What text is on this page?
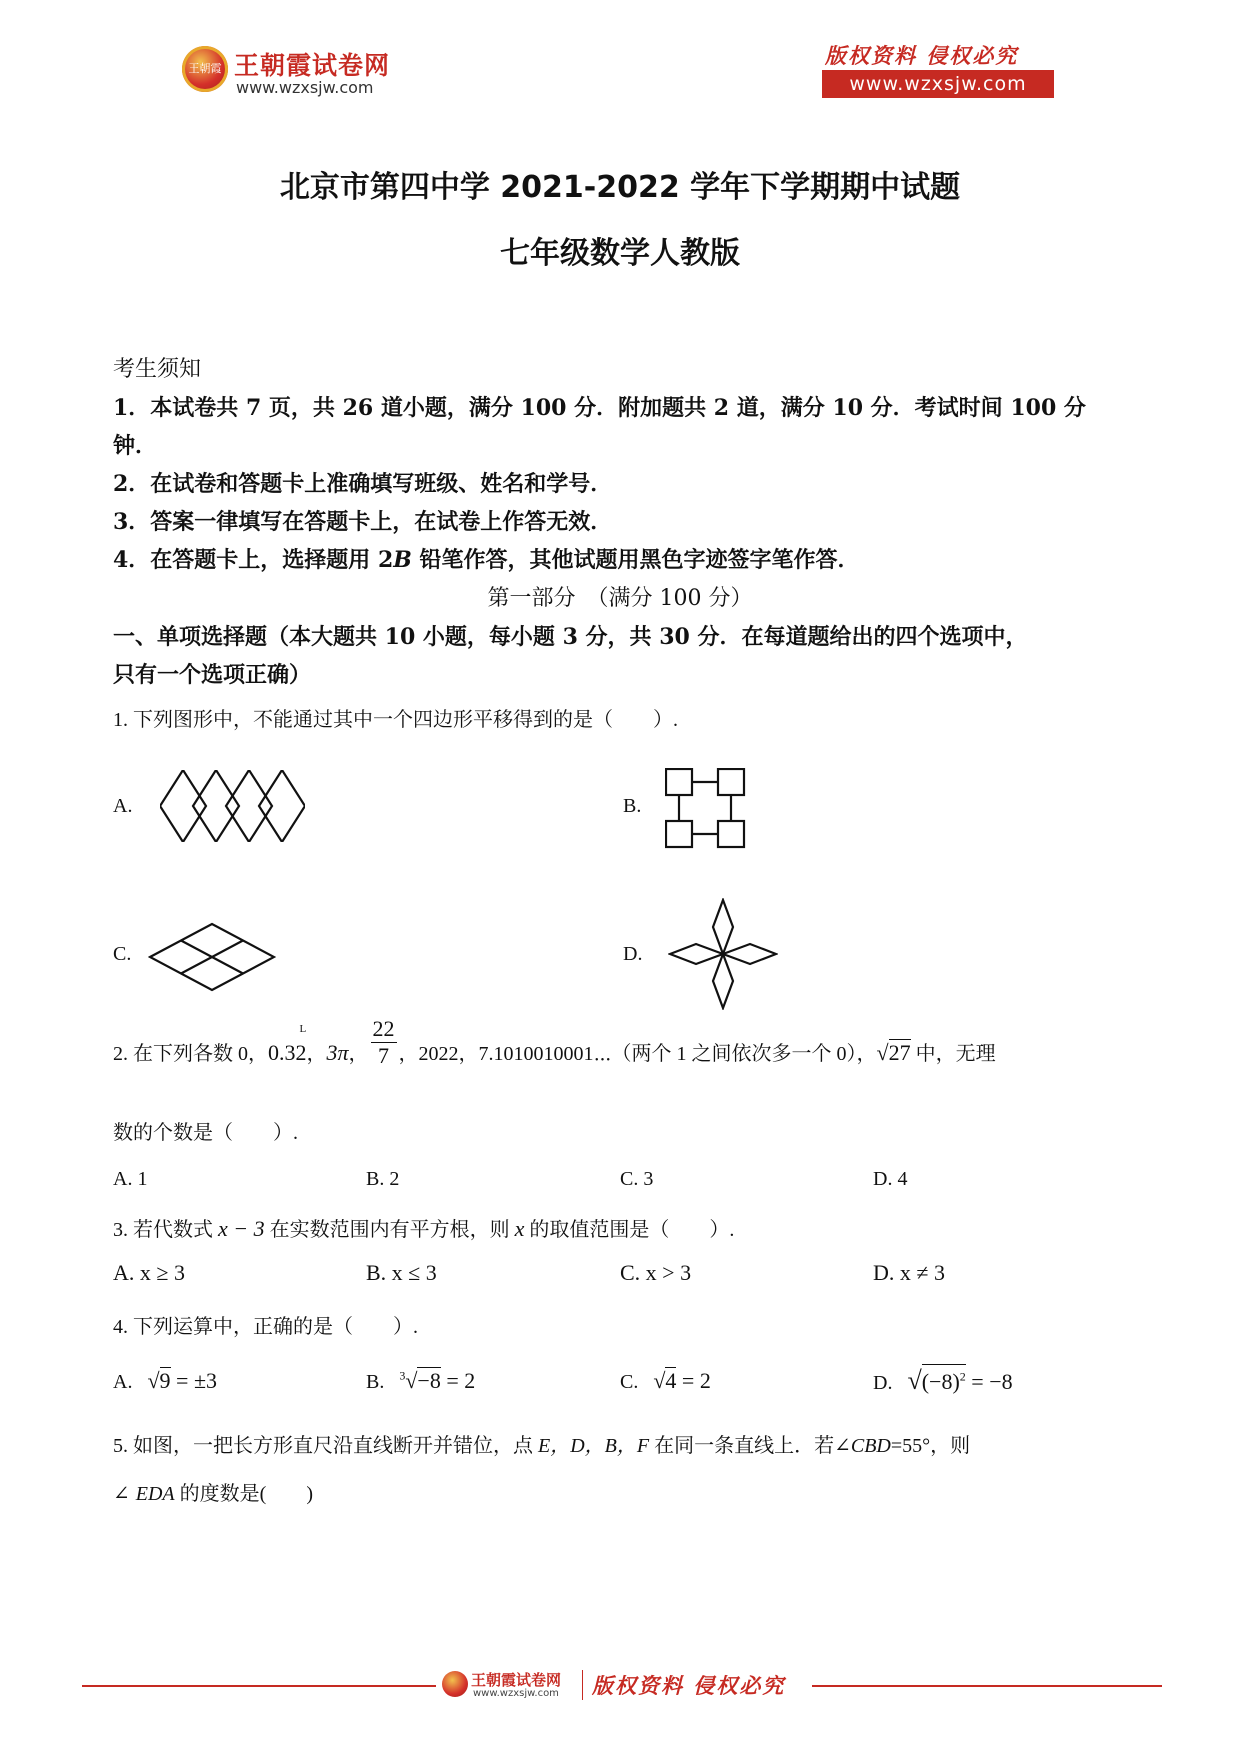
王朝霞 王朝霞试卷网
www.wzxsjw.com
版权资料 侵权必究
www.wzxsjw.com
北京市第四中学 2021-2022 学年下学期期中试题
七年级数学人教版
考生须知
1．本试卷共 7 页，共 26 道小题，满分 100 分．附加题共 2 道，满分 10 分．考试时间 100 分
钟．
2．在试卷和答题卡上准确填写班级、姓名和学号．
3．答案一律填写在答题卡上，在试卷上作答无效．
4．在答题卡上，选择题用 2B 铅笔作答，其他试题用黑色字迹签字笔作答．
第一部分　（满分 100 分）
一、单项选择题（本大题共 10 小题，每小题 3 分，共 30 分．在每道题给出的四个选项中，
只有一个选项正确）
1. 下列图形中，不能通过其中一个四边形平移得到的是（　　）.
A.	B.
C.	D.
2. 在下列各数 0，0.3
L
2，3π， $\frac{22}{7}$ ，2022，7.1010010001⋯（两个 1 之间依次多一个 0），√27 中，无理
数的个数是（　　）.
A. 1	B. 2	C. 3	D. 4
3. 若代数式 x − 3 在实数范围内有平方根，则 x 的取值范围是（　　）.
A. x ≥ 3	B. x ≤ 3	C. x > 3	D. x ≠ 3
4. 下列运算中，正确的是（　　）.
A. √9 = ±3	B. $^3$√−8 = 2	C. √4 = 2	D. $√(-8)^2 = -8$
5. 如图，一把长方形直尺沿直线断开并错位，点 E，D，B，F 在同一条直线上．若∠CBD=55°，则
∠ EDA 的度数是(　　)
王朝霞试卷网
www.wzxsjw.com 版权资料 侵权必究
